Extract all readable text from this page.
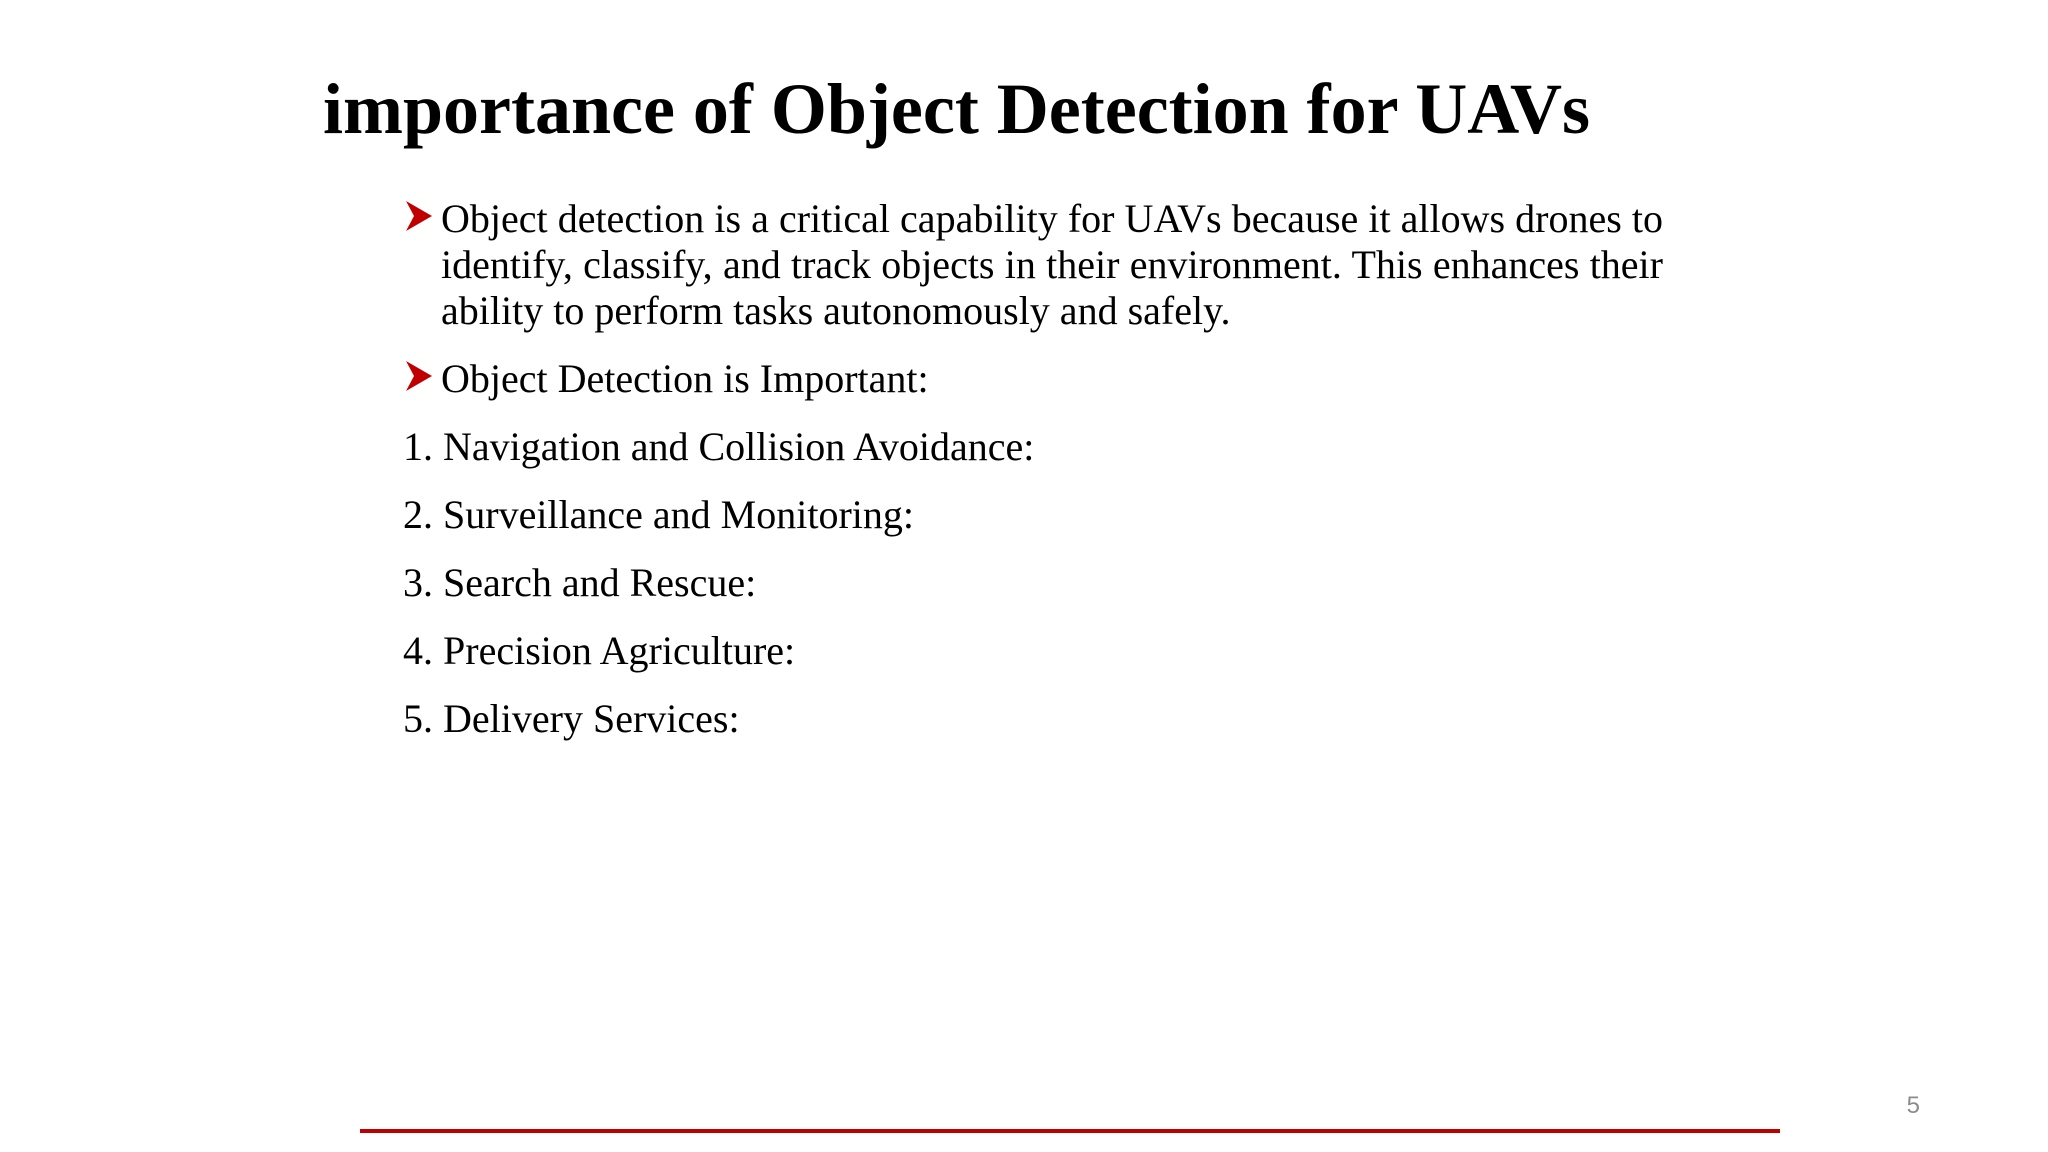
importance of Object Detection for UAVs
Object detection is a critical capability for UAVs because it allows drones to identify, classify, and track objects in their environment. This enhances their ability to perform tasks autonomously and safely.
Object Detection is Important:
1. Navigation and Collision Avoidance:
2. Surveillance and Monitoring:
3. Search and Rescue:
4. Precision Agriculture:
5. Delivery Services:
5
